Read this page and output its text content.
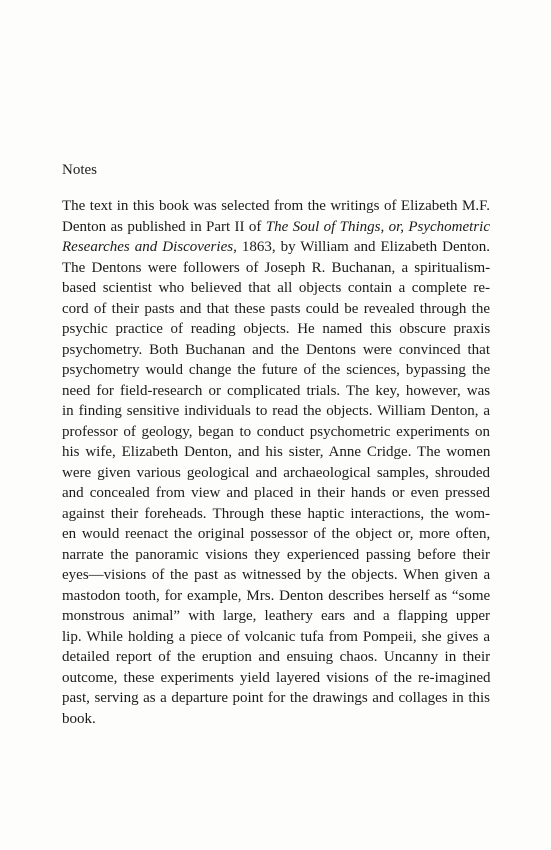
Notes
The text in this book was selected from the writings of Elizabeth M.F.
Denton as published in Part II of The Soul of Things, or, Psychometric
Researches and Discoveries, 1863, by William and Elizabeth Denton.
The Dentons were followers of Joseph R. Buchanan, a spiritualism-
based scientist who believed that all objects contain a complete re-
cord of their pasts and that these pasts could be revealed through the
psychic practice of reading objects. He named this obscure praxis
psychometry. Both Buchanan and the Dentons were convinced that
psychometry would change the future of the sciences, bypassing the
need for field-research or complicated trials. The key, however, was
in finding sensitive individuals to read the objects. William Denton, a
professor of geology, began to conduct psychometric experiments on
his wife, Elizabeth Denton, and his sister, Anne Cridge. The women
were given various geological and archaeological samples, shrouded
and concealed from view and placed in their hands or even pressed
against their foreheads. Through these haptic interactions, the wom-
en would reenact the original possessor of the object or, more often,
narrate the panoramic visions they experienced passing before their
eyes—visions of the past as witnessed by the objects. When given a
mastodon tooth, for example, Mrs. Denton describes herself as “some
monstrous animal” with large, leathery ears and a flapping upper
lip. While holding a piece of volcanic tufa from Pompeii, she gives a
detailed report of the eruption and ensuing chaos. Uncanny in their
outcome, these experiments yield layered visions of the re-imagined
past, serving as a departure point for the drawings and collages in this
book.
